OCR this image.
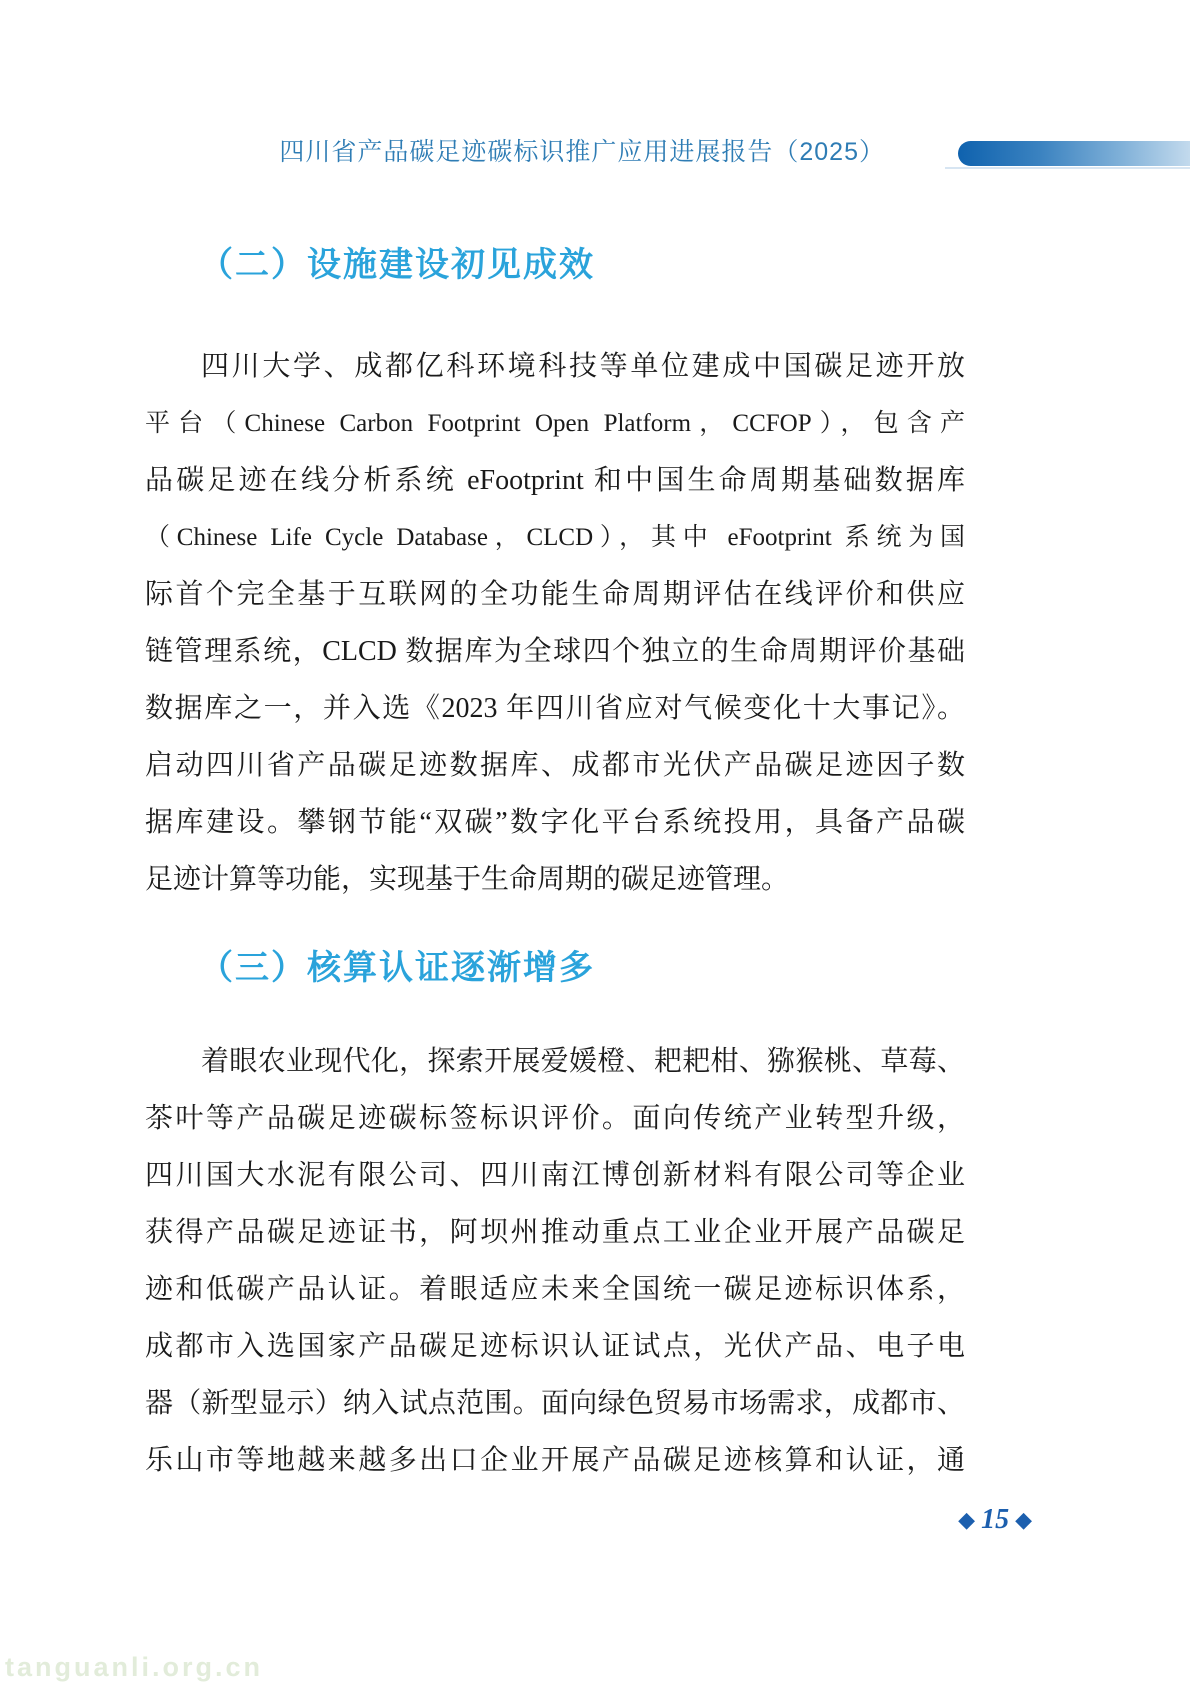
四川省产品碳足迹碳标识推广应用进展报告（2025）
（二）设施建设初见成效
四川大学、成都亿科环境科技等单位建成中国碳足迹开放
平台（Chinese Carbon Footprint Open Platform，CCFOP），包含产
品碳足迹在线分析系统 eFootprint 和中国生命周期基础数据库
（Chinese Life Cycle Database，CLCD），其中 eFootprint 系统为国
际首个完全基于互联网的全功能生命周期评估在线评价和供应
链管理系统，CLCD 数据库为全球四个独立的生命周期评价基础
数据库之一，并入选《2023 年四川省应对气候变化十大事记》。
启动四川省产品碳足迹数据库、成都市光伏产品碳足迹因子数
据库建设。攀钢节能“双碳”数字化平台系统投用，具备产品碳
足迹计算等功能，实现基于生命周期的碳足迹管理。
（三）核算认证逐渐增多
着眼农业现代化，探索开展爱媛橙、耙耙柑、猕猴桃、草莓、
茶叶等产品碳足迹碳标签标识评价。面向传统产业转型升级，
四川国大水泥有限公司、四川南江博创新材料有限公司等企业
获得产品碳足迹证书，阿坝州推动重点工业企业开展产品碳足
迹和低碳产品认证。着眼适应未来全国统一碳足迹标识体系，
成都市入选国家产品碳足迹标识认证试点，光伏产品、电子电
器（新型显示）纳入试点范围。面向绿色贸易市场需求，成都市、
乐山市等地越来越多出口企业开展产品碳足迹核算和认证，通
◆ 15 ◆
tanguanli.org.cn
